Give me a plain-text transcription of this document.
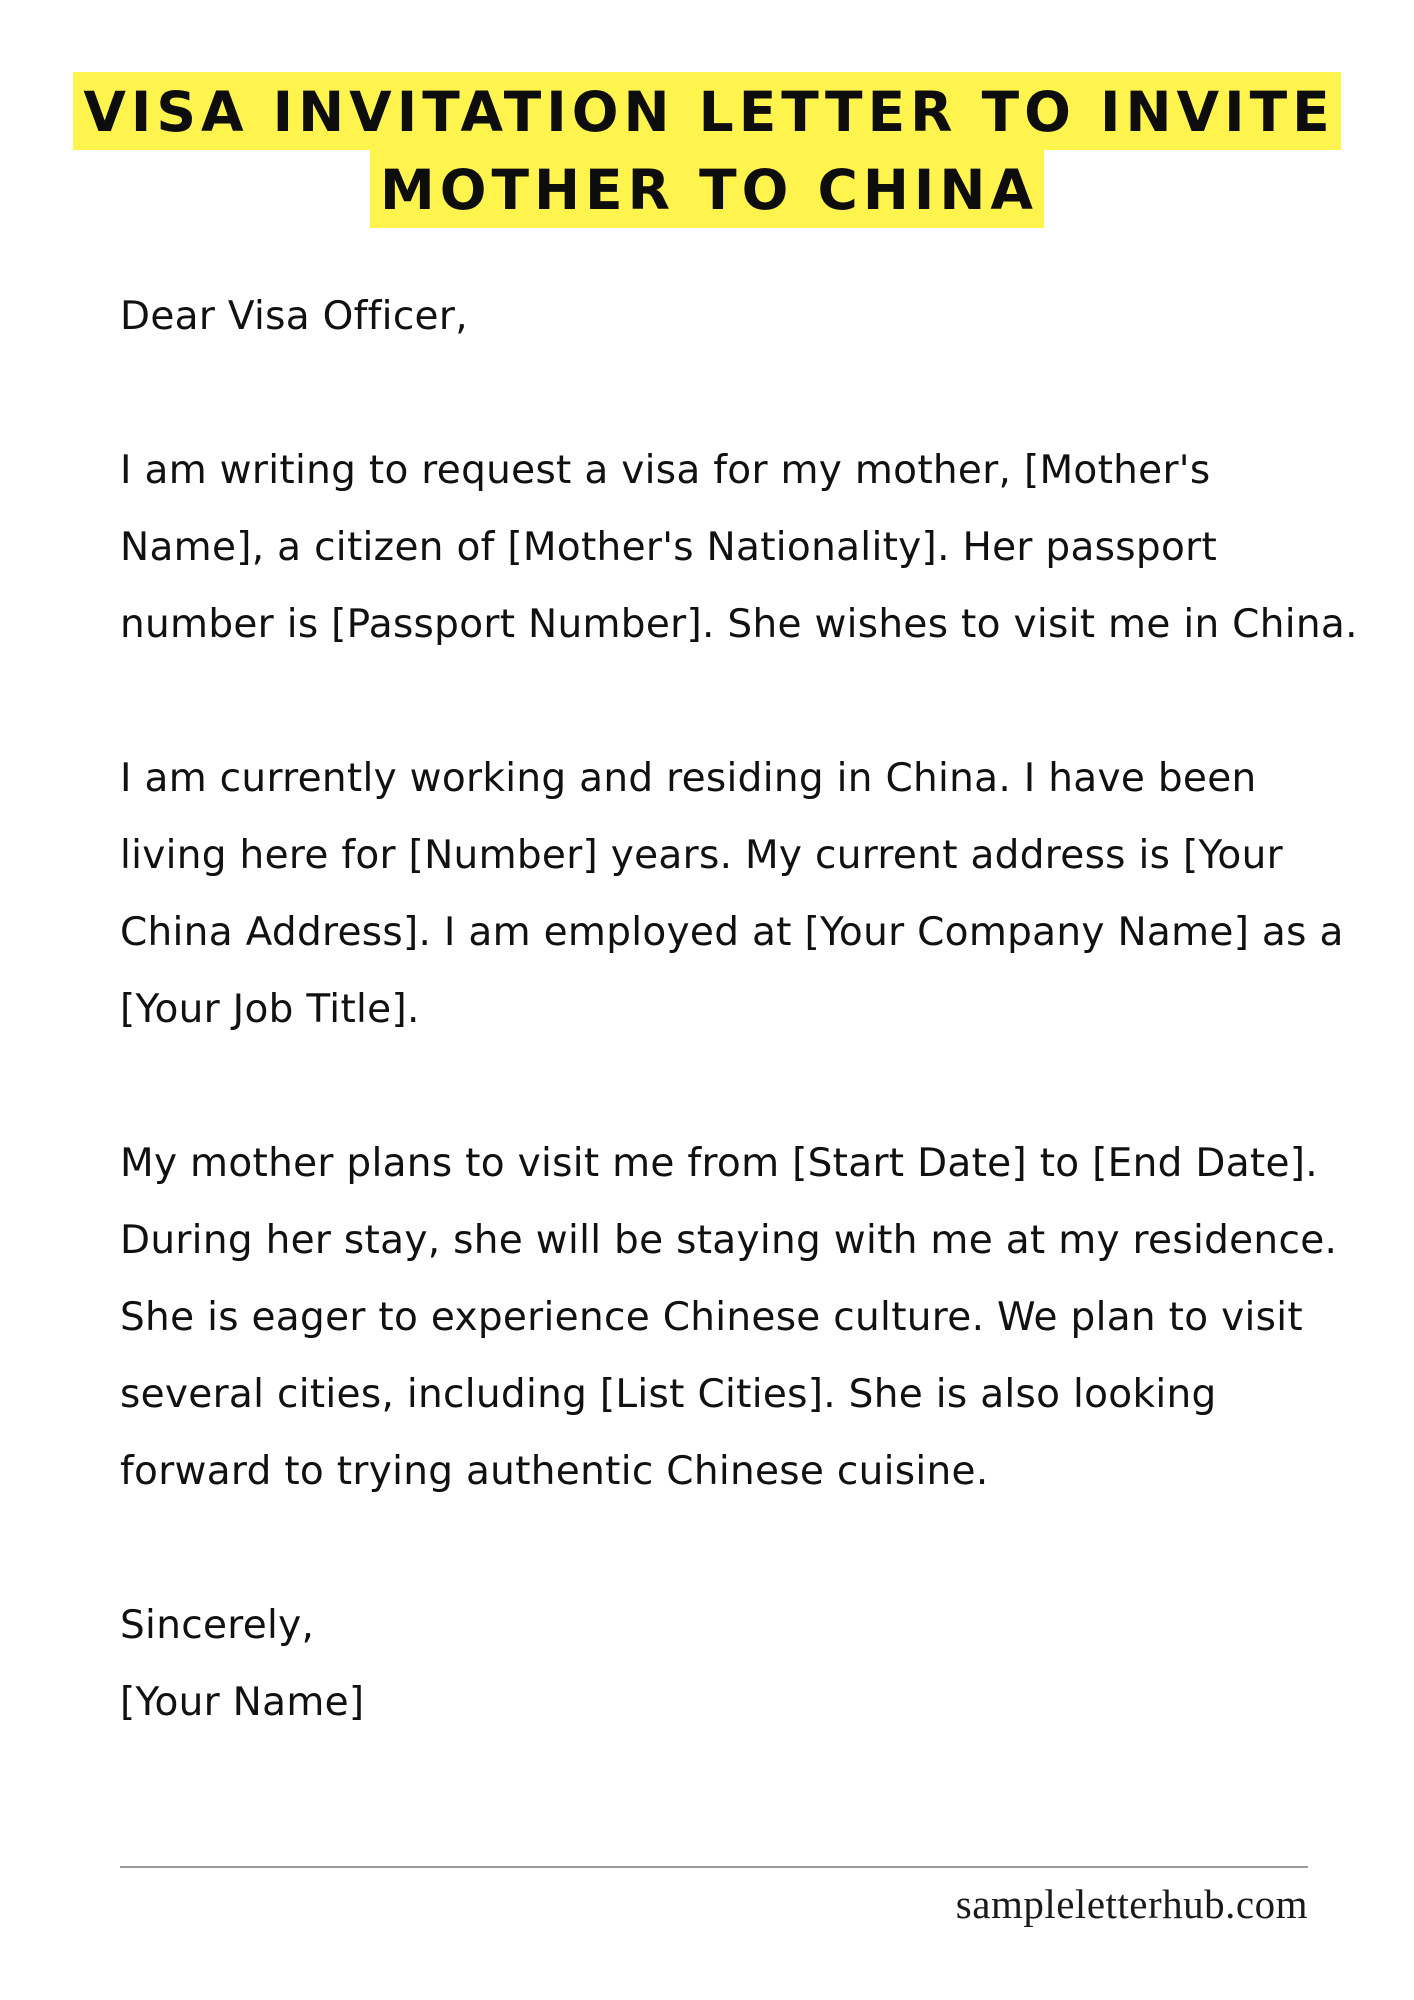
VISA INVITATION LETTER TO INVITE
MOTHER TO CHINA

Dear Visa Officer,

I am writing to request a visa for my mother, [Mother's Name], a citizen of [Mother's Nationality]. Her passport number is [Passport Number]. She wishes to visit me in China.

I am currently working and residing in China. I have been living here for [Number] years. My current address is [Your China Address]. I am employed at [Your Company Name] as a [Your Job Title].

My mother plans to visit me from [Start Date] to [End Date]. During her stay, she will be staying with me at my residence. She is eager to experience Chinese culture. We plan to visit several cities, including [List Cities]. She is also looking forward to trying authentic Chinese cuisine.

Sincerely,

[Your Name]

sampleletterhub.com
